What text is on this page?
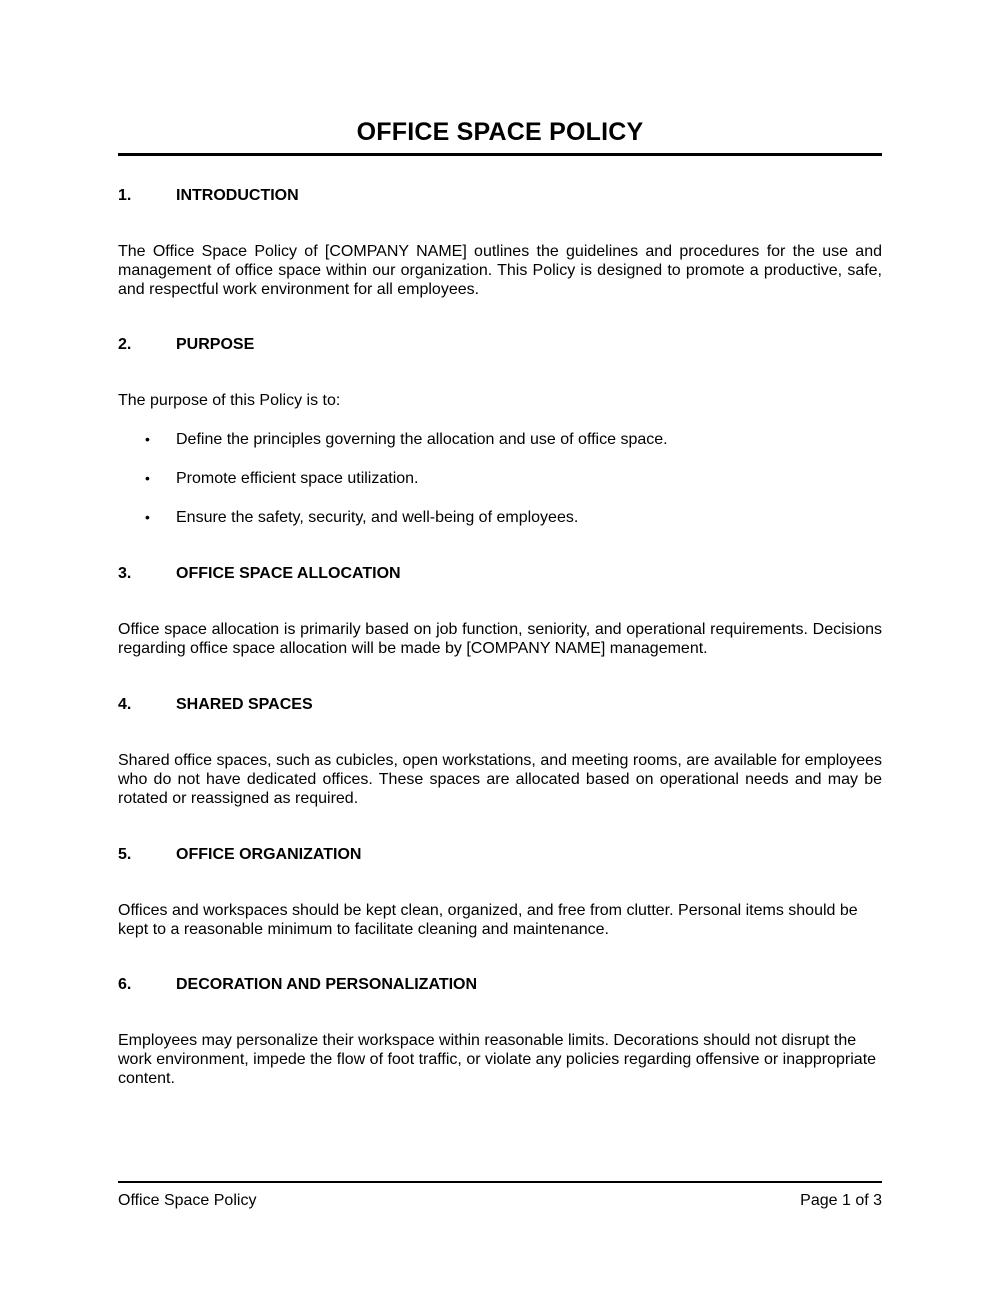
OFFICE SPACE POLICY
1.	INTRODUCTION

The Office Space Policy of [COMPANY NAME] outlines the guidelines and procedures for the use and management of office space within our organization. This Policy is designed to promote a productive, safe, and respectful work environment for all employees.

2.	PURPOSE

The purpose of this Policy is to:

•	Define the principles governing the allocation and use of office space.
•	Promote efficient space utilization.
•	Ensure the safety, security, and well-being of employees.
3.	OFFICE SPACE ALLOCATION

Office space allocation is primarily based on job function, seniority, and operational requirements. Decisions regarding office space allocation will be made by [COMPANY NAME] management.

4.	SHARED SPACES

Shared office spaces, such as cubicles, open workstations, and meeting rooms, are available for employees who do not have dedicated offices. These spaces are allocated based on operational needs and may be rotated or reassigned as required.

5.	OFFICE ORGANIZATION

Offices and workspaces should be kept clean, organized, and free from clutter. Personal items should be kept to a reasonable minimum to facilitate cleaning and maintenance.

6.	DECORATION AND PERSONALIZATION

Employees may personalize their workspace within reasonable limits. Decorations should not disrupt the work environment, impede the flow of foot traffic, or violate any policies regarding offensive or inappropriate content.

Office Space Policy	Page 1 of 3
